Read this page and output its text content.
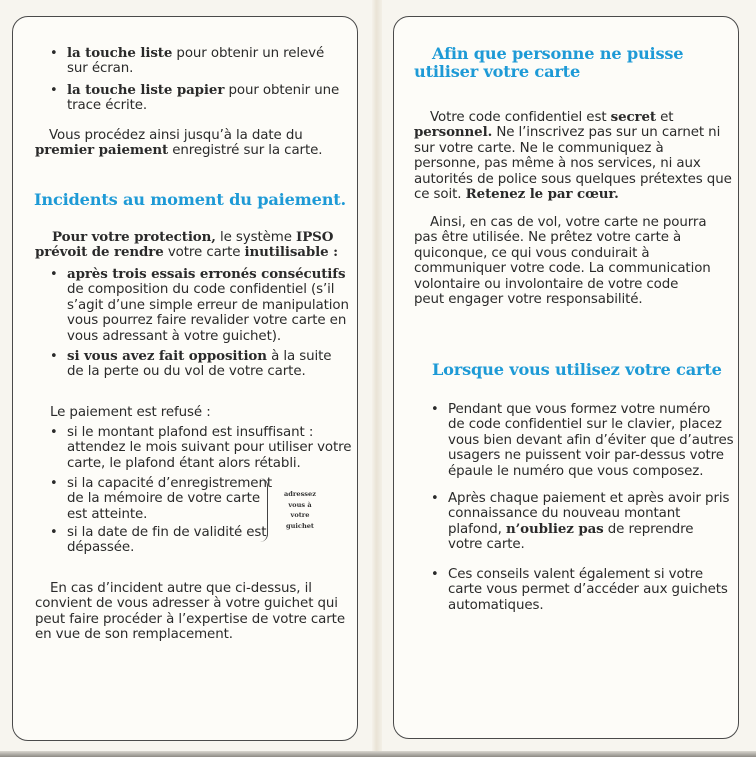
•
la touche liste pour obtenir un relevé
sur écran.
•
la touche liste papier pour obtenir une
trace écrite.
Vous procédez ainsi jusqu’à la date du
premier paiement enregistré sur la carte.
Incidents au moment du paiement.
Pour votre protection, le système IPSO
prévoit de rendre votre carte inutilisable :
•
après trois essais erronés consécutifs
de composition du code confidentiel (s’il
s’agit d’une simple erreur de manipulation
vous pourrez faire revalider votre carte en
vous adressant à votre guichet).
•
si vous avez fait opposition à la suite
de la perte ou du vol de votre carte.
Le paiement est refusé :
•
si le montant plafond est insuffisant :
attendez le mois suivant pour utiliser votre
carte, le plafond étant alors rétabli.
•
si la capacité d’enregistrement
de la mémoire de votre carte
est atteinte.
•
si la date de fin de validité est
dépassée.
adressez
vous à
votre
guichet
En cas d’incident autre que ci-dessus, il
convient de vous adresser à votre guichet qui
peut faire procéder à l’expertise de votre carte
en vue de son remplacement.
Afin que personne ne puisse
utiliser votre carte
Votre code confidentiel est secret et
personnel. Ne l’inscrivez pas sur un carnet ni
sur votre carte. Ne le communiquez à
personne, pas même à nos services, ni aux
autorités de police sous quelques prétextes que
ce soit. Retenez le par cœur.
Ainsi, en cas de vol, votre carte ne pourra
pas être utilisée. Ne prêtez votre carte à
quiconque, ce qui vous conduirait à
communiquer votre code. La communication
volontaire ou involontaire de votre code
peut engager votre responsabilité.
Lorsque vous utilisez votre carte
•
Pendant que vous formez votre numéro
de code confidentiel sur le clavier, placez
vous bien devant afin d’éviter que d’autres
usagers ne puissent voir par-dessus votre
épaule le numéro que vous composez.
•
Après chaque paiement et après avoir pris
connaissance du nouveau montant
plafond, n’oubliez pas de reprendre
votre carte.
•
Ces conseils valent également si votre
carte vous permet d’accéder aux guichets
automatiques.
